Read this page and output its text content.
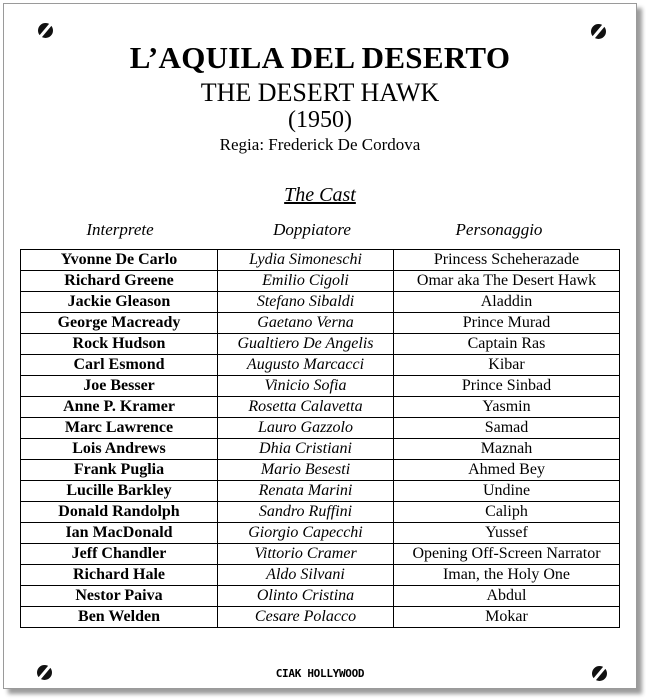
L’AQUILA DEL DESERTO
THE DESERT HAWK
(1950)
Regia: Frederick De Cordova
The Cast
Interprete	Doppiatore	Personaggio
Yvonne De Carlo	Lydia Simoneschi	Princess Scheherazade
Richard Greene	Emilio Cigoli	Omar aka The Desert Hawk
Jackie Gleason	Stefano Sibaldi	Aladdin
George Macready	Gaetano Verna	Prince Murad
Rock Hudson	Gualtiero De Angelis	Captain Ras
Carl Esmond	Augusto Marcacci	Kibar
Joe Besser	Vinicio Sofia	Prince Sinbad
Anne P. Kramer	Rosetta Calavetta	Yasmin
Marc Lawrence	Lauro Gazzolo	Samad
Lois Andrews	Dhia Cristiani	Maznah
Frank Puglia	Mario Besesti	Ahmed Bey
Lucille Barkley	Renata Marini	Undine
Donald Randolph	Sandro Ruffini	Caliph
Ian MacDonald	Giorgio Capecchi	Yussef
Jeff Chandler	Vittorio Cramer	Opening Off-Screen Narrator
Richard Hale	Aldo Silvani	Iman, the Holy One
Nestor Paiva	Olinto Cristina	Abdul
Ben Welden	Cesare Polacco	Mokar
CIAK HOLLYWOOD
